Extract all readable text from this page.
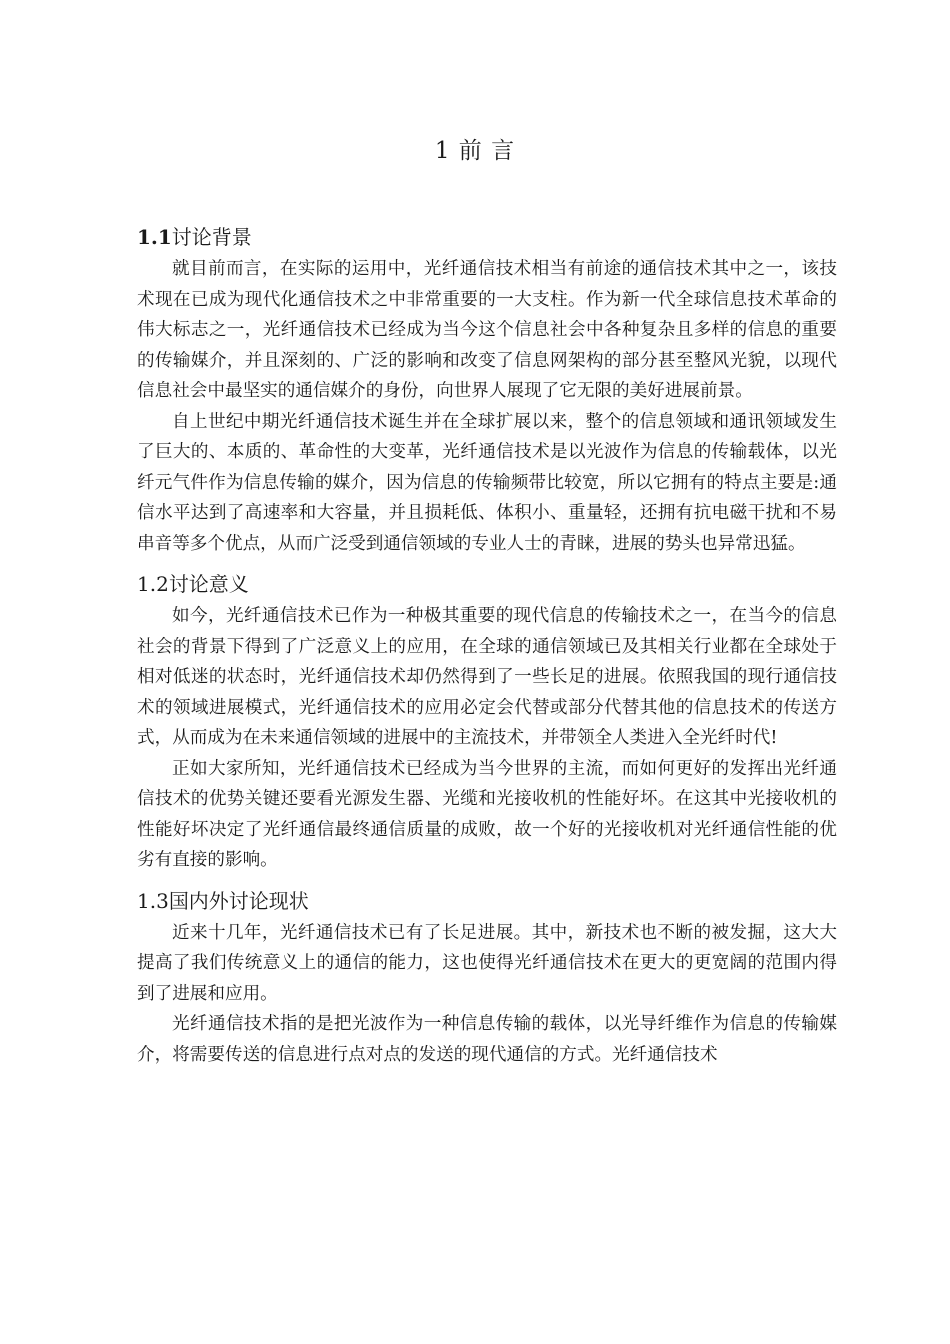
1 前 言
1.1讨论背景

就目前而言，在实际的运用中，光纤通信技术相当有前途的通信技术其中之一，该技术现在已成为现代化通信技术之中非常重要的一大支柱。作为新一代全球信息技术革命的伟大标志之一，光纤通信技术已经成为当今这个信息社会中各种复杂且多样的信息的重要的传输媒介，并且深刻的、广泛的影响和改变了信息网架构的部分甚至整风光貌，以现代信息社会中最坚实的通信媒介的身份，向世界人展现了它无限的美好进展前景。

自上世纪中期光纤通信技术诞生并在全球扩展以来，整个的信息领域和通讯领域发生了巨大的、本质的、革命性的大变革，光纤通信技术是以光波作为信息的传输载体，以光纤元气件作为信息传输的媒介，因为信息的传输频带比较宽，所以它拥有的特点主要是:通信水平达到了高速率和大容量，并且损耗低、体积小、重量轻，还拥有抗电磁干扰和不易串音等多个优点，从而广泛受到通信领域的专业人士的青睐，进展的势头也异常迅猛。

1.2讨论意义

如今，光纤通信技术已作为一种极其重要的现代信息的传输技术之一，在当今的信息社会的背景下得到了广泛意义上的应用，在全球的通信领域已及其相关行业都在全球处于相对低迷的状态时，光纤通信技术却仍然得到了一些长足的进展。依照我国的现行通信技术的领域进展模式，光纤通信技术的应用必定会代替或部分代替其他的信息技术的传送方式，从而成为在未来通信领域的进展中的主流技术，并带领全人类进入全光纤时代!

正如大家所知，光纤通信技术已经成为当今世界的主流，而如何更好的发挥出光纤通信技术的优势关键还要看光源发生器、光缆和光接收机的性能好坏。在这其中光接收机的性能好坏决定了光纤通信最终通信质量的成败，故一个好的光接收机对光纤通信性能的优劣有直接的影响。

1.3国内外讨论现状

近来十几年，光纤通信技术已有了长足进展。其中，新技术也不断的被发掘，这大大提高了我们传统意义上的通信的能力，这也使得光纤通信技术在更大的更宽阔的范围内得到了进展和应用。

光纤通信技术指的是把光波作为一种信息传输的载体，以光导纤维作为信息的传输媒介，将需要传送的信息进行点对点的发送的现代通信的方式。光纤通信技术
